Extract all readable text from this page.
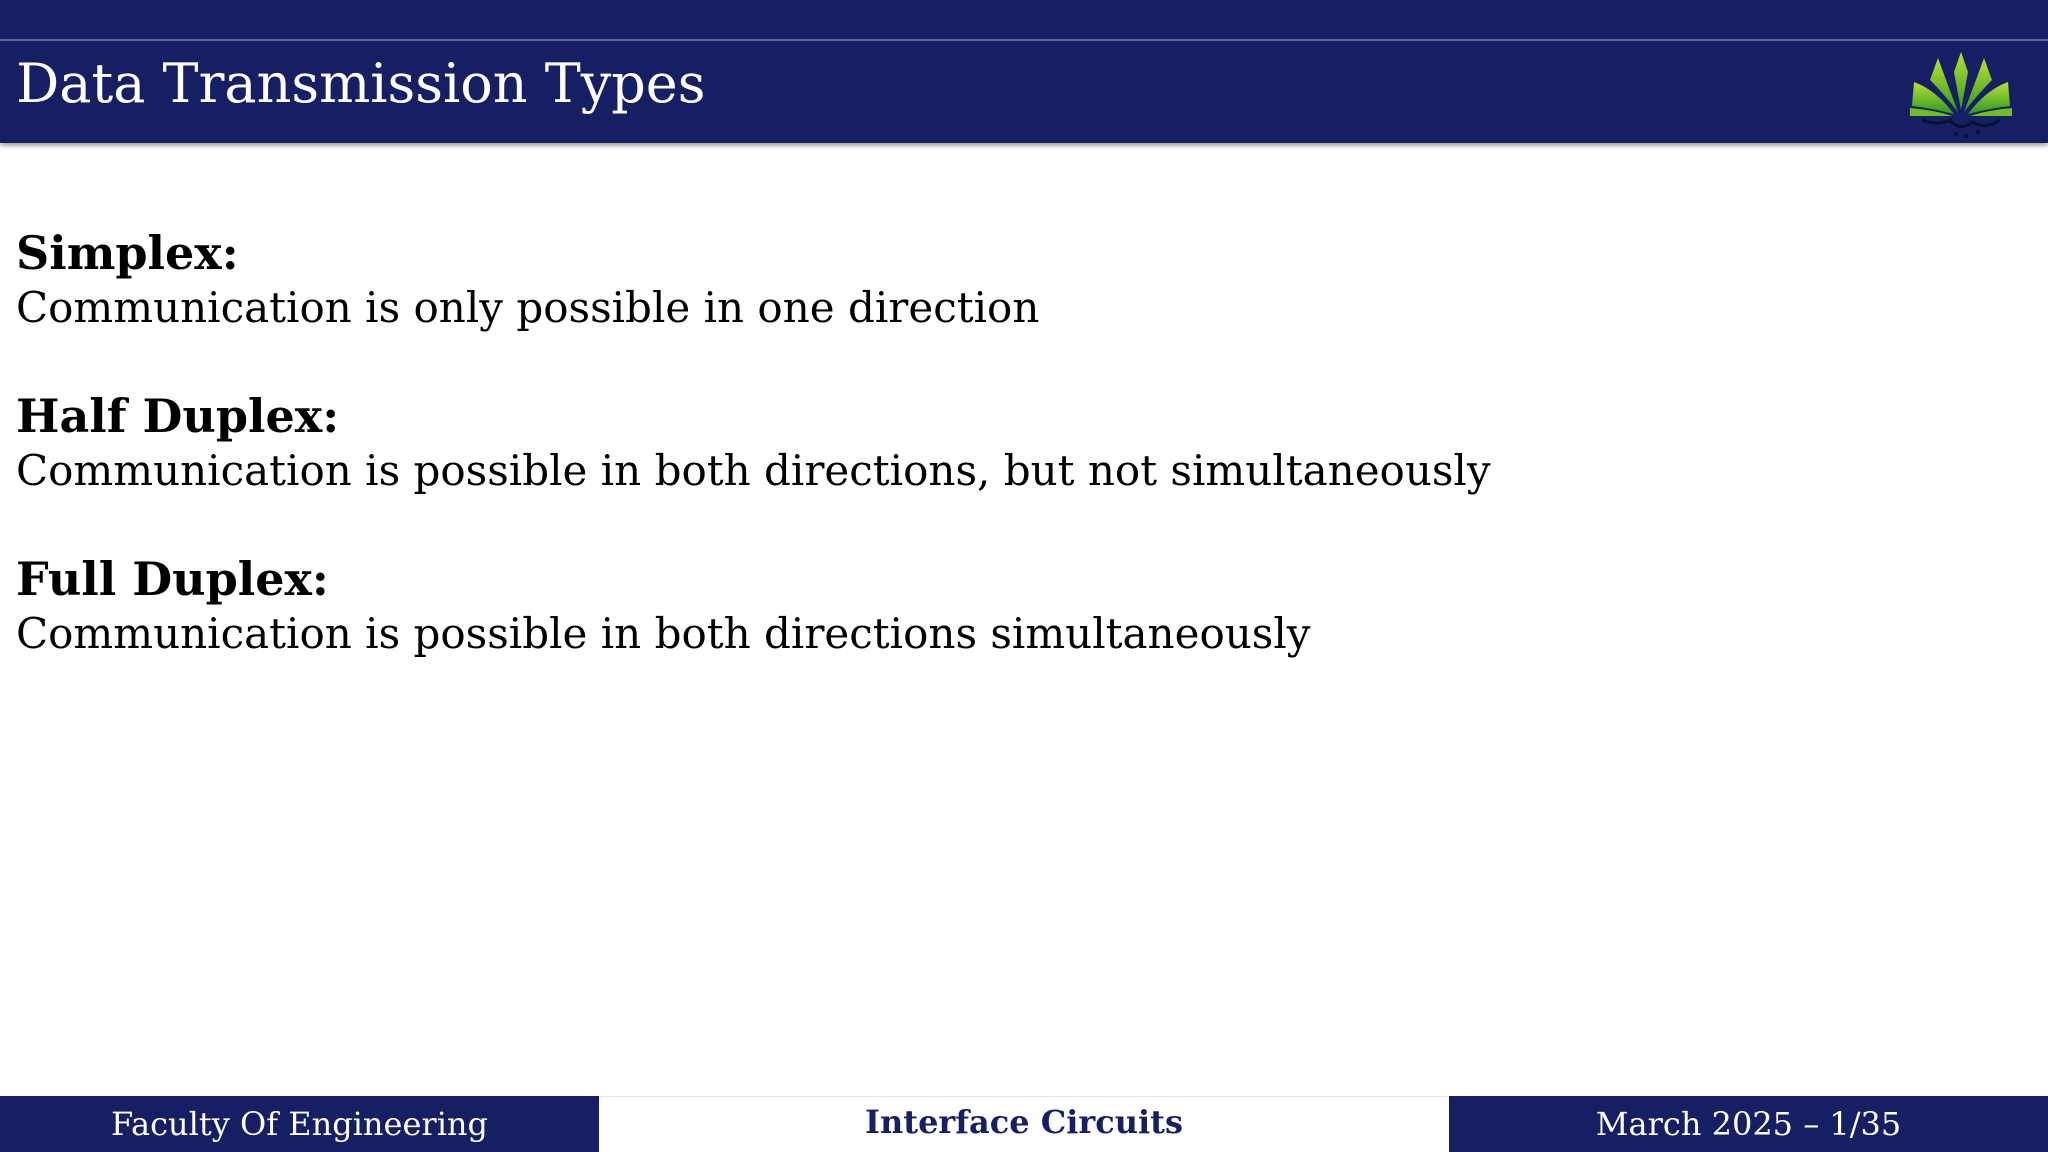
Data Transmission Types
Simplex:
Communication is only possible in one direction
Half Duplex:
Communication is possible in both directions, but not simultaneously
Full Duplex:
Communication is possible in both directions simultaneously
Faculty Of Engineering	Interface Circuits	March 2025 – 1/35
